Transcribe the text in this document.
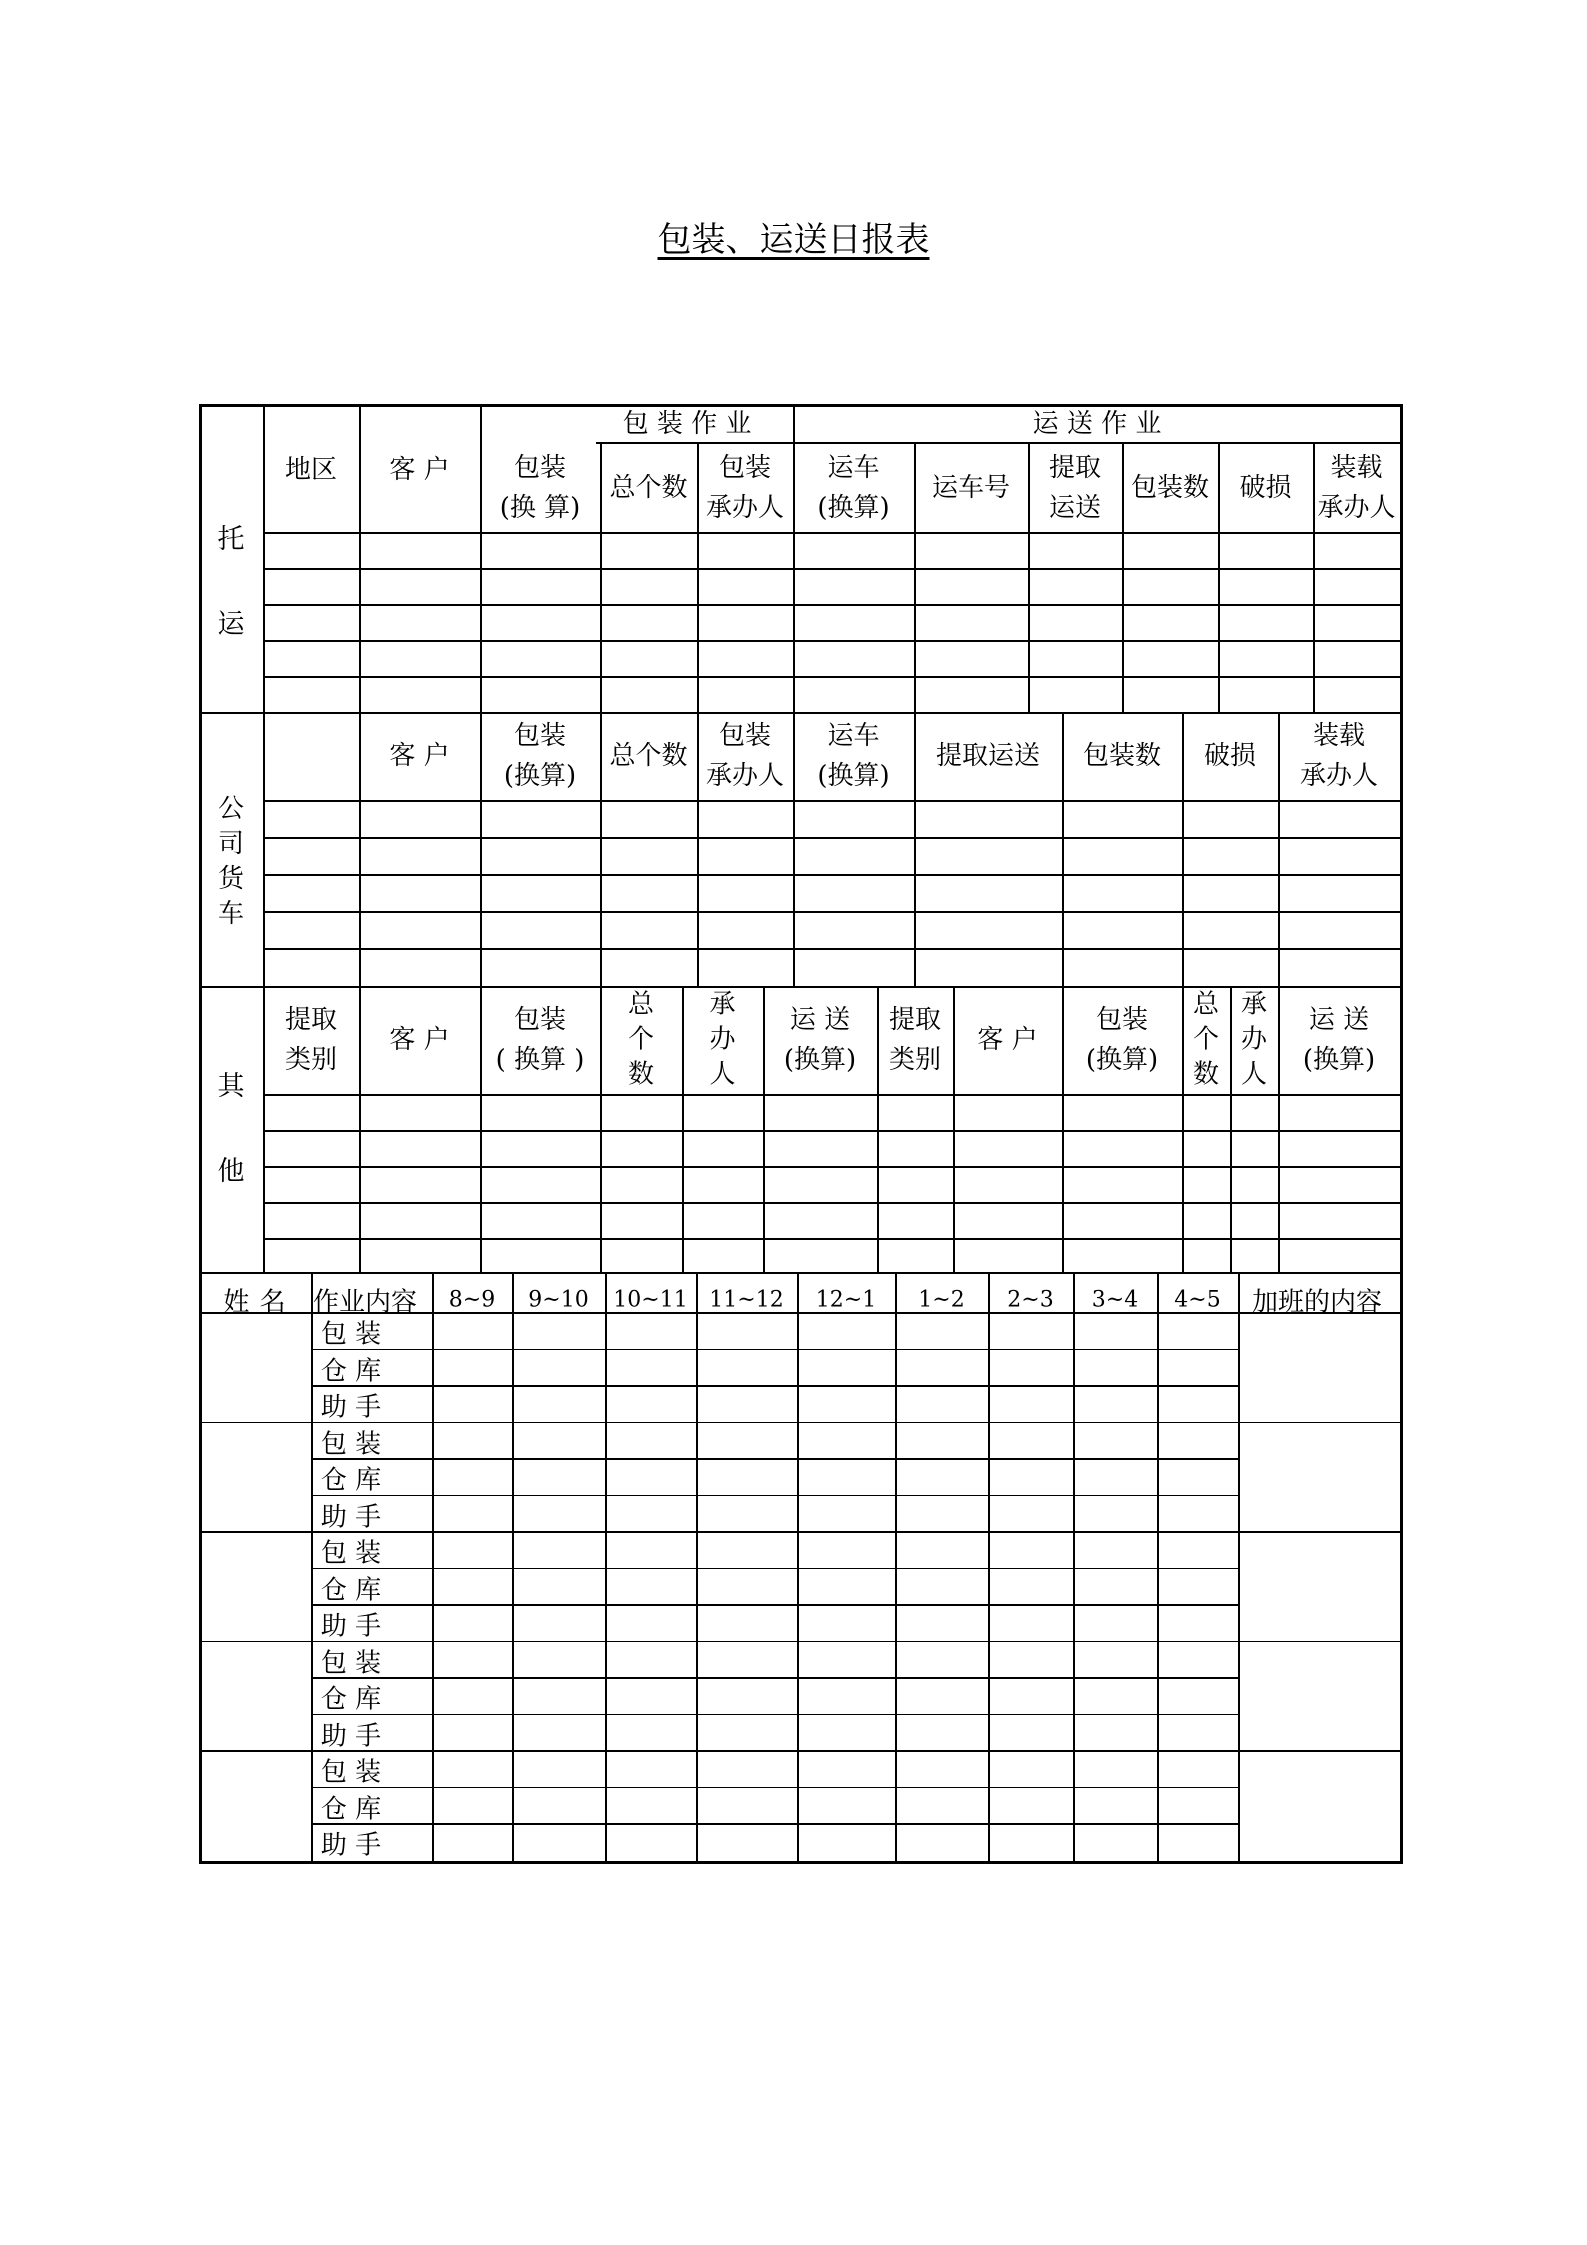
包装、运送日报表
托运
包 装 作 业	运 送 作 业
地区 客 户	包装
(换 算)
总个数
包装
承办人
运车
(换算)
运车号
提取
运送
包装数 破损
装载
承办人
公
司
货
车
客 户
包装
(换算)
总个数
包装
承办人
运车
(换算)
提取运送 包装数 破损
装载
承办人
其他
提取
类别
客 户
包装
( 换算 )
总
个
数
承
办
人
运 送
(换算)
提取
类别
客 户
包装
(换算)
总
个
数
承
办
人
运 送
(换算)
姓 名 作业内容 8~9 9~10 10~11 11~12 12~1 1~2 2~3 3~4 4~5 加班的内容
包 装
仓 库
助 手
包 装
仓 库
助 手
包 装
仓 库
助 手
包 装
仓 库
助 手
包 装
仓 库
助 手
